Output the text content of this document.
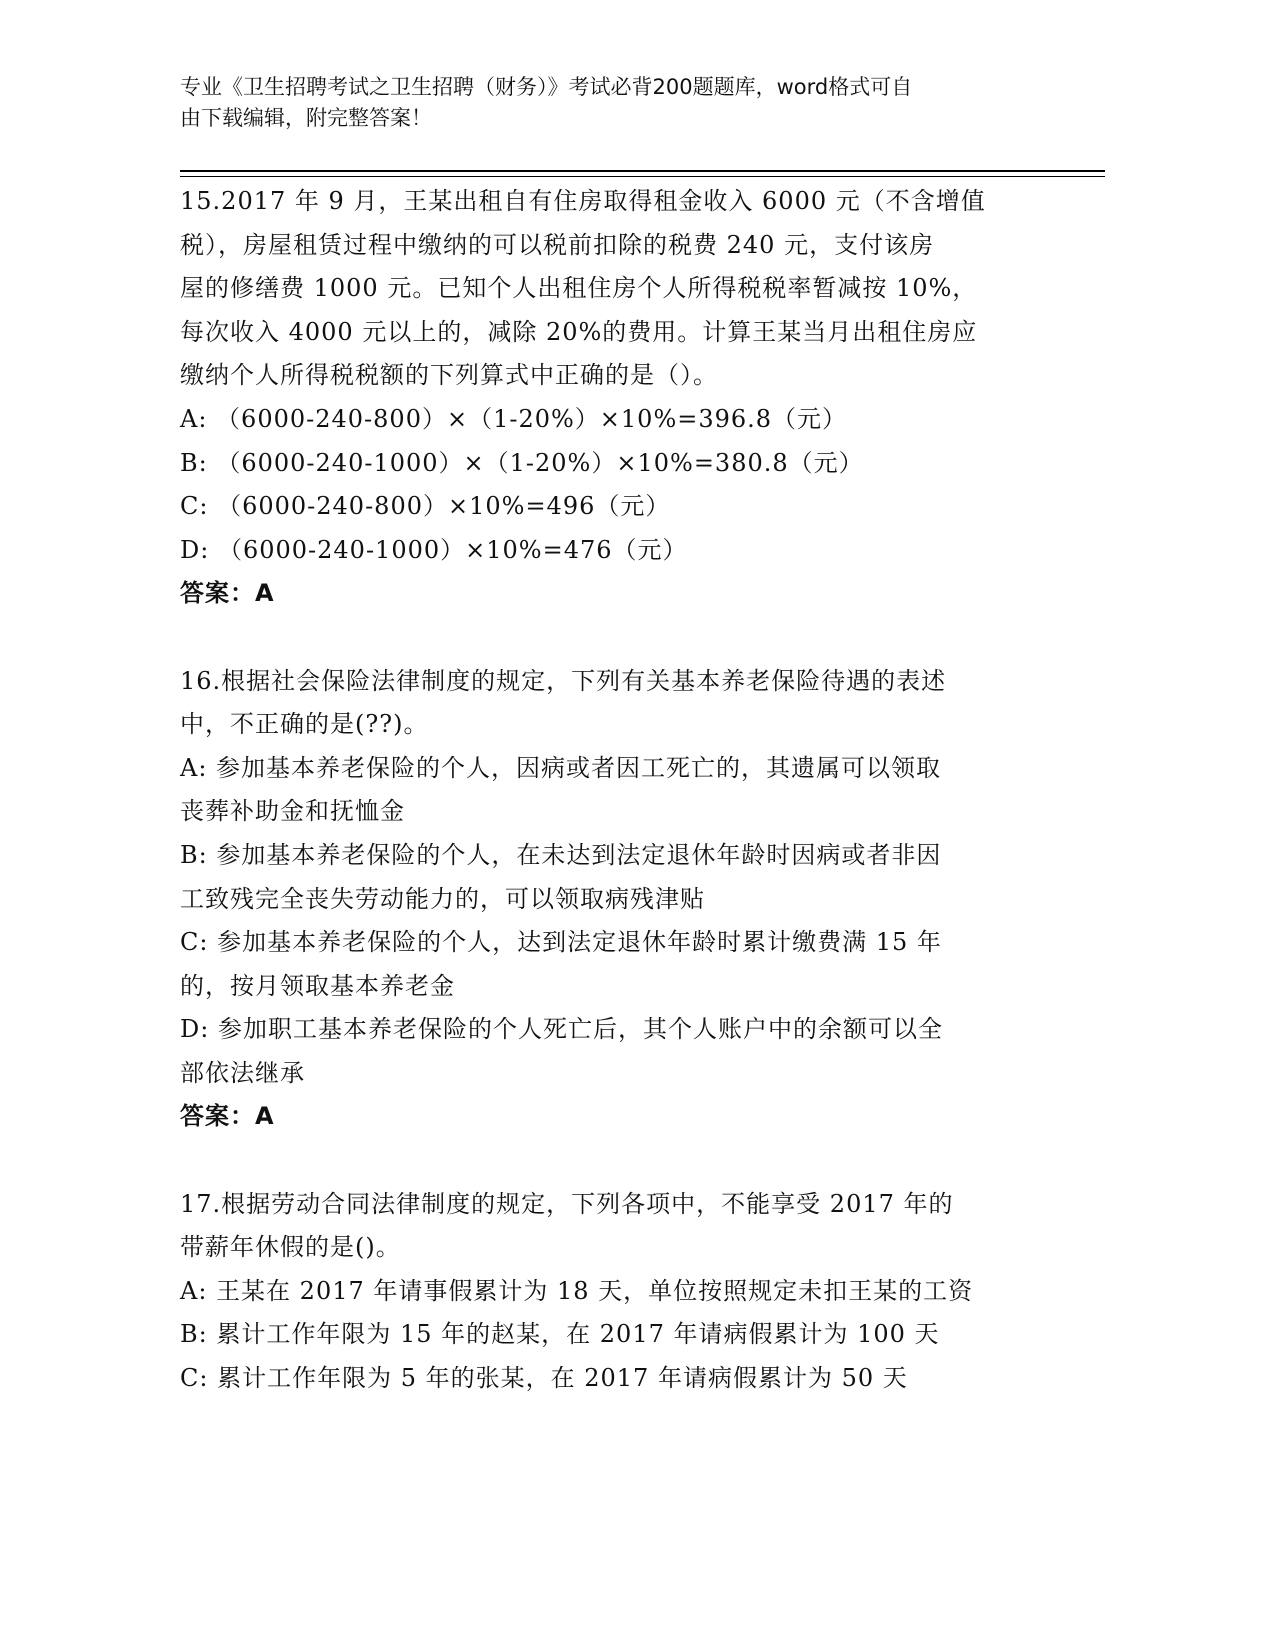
专业《卫生招聘考试之卫生招聘（财务）》考试必背200题题库，word格式可自
由下载编辑，附完整答案！
15.2017 年 9 月，王某出租自有住房取得租金收入 6000 元（不含增值
税），房屋租赁过程中缴纳的可以税前扣除的税费 240 元，支付该房
屋的修缮费 1000 元。已知个人出租住房个人所得税税率暂减按 10%，
每次收入 4000 元以上的，减除 20%的费用。计算王某当月出租住房应
缴纳个人所得税税额的下列算式中正确的是（）。
A: （6000-240-800）×（1-20%）×10%=396.8（元）
B: （6000-240-1000）×（1-20%）×10%=380.8（元）
C: （6000-240-800）×10%=496（元）
D: （6000-240-1000）×10%=476（元）
答案：A
16.根据社会保险法律制度的规定，下列有关基本养老保险待遇的表述
中，不正确的是(??)。
A: 参加基本养老保险的个人，因病或者因工死亡的，其遗属可以领取
丧葬补助金和抚恤金
B: 参加基本养老保险的个人，在未达到法定退休年龄时因病或者非因
工致残完全丧失劳动能力的，可以领取病残津贴
C: 参加基本养老保险的个人，达到法定退休年龄时累计缴费满 15 年
的，按月领取基本养老金
D: 参加职工基本养老保险的个人死亡后，其个人账户中的余额可以全
部依法继承
答案：A
17.根据劳动合同法律制度的规定，下列各项中，不能享受 2017 年的
带薪年休假的是()。
A: 王某在 2017 年请事假累计为 18 天，单位按照规定未扣王某的工资
B: 累计工作年限为 15 年的赵某，在 2017 年请病假累计为 100 天
C: 累计工作年限为 5 年的张某，在 2017 年请病假累计为 50 天
